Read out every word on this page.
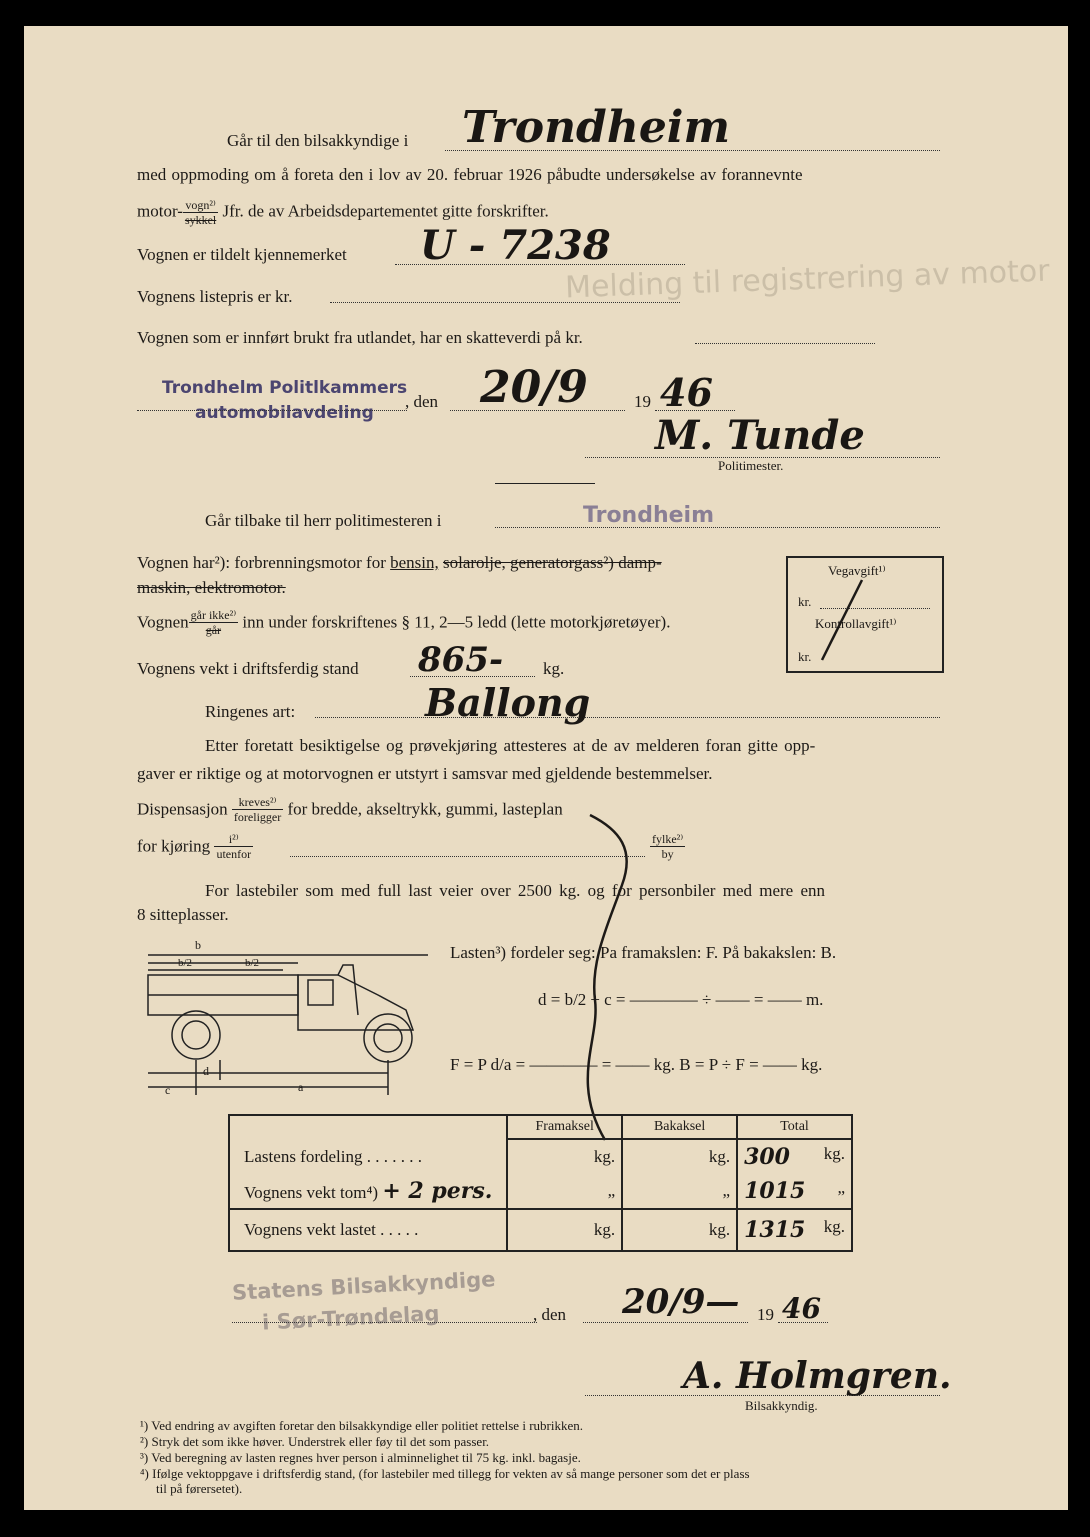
Melding til registrering av motor
Går til den bilsakkyndige i Trondheim
med oppmoding om å foreta den i lov av 20. februar 1926 påbudte undersøkelse av forannevnte
motor- $\frac{\text{vogn²⁾}}{\text{sykkel}}$ Jfr. de av Arbeidsdepartementet gitte forskrifter.
Vognen er tildelt kjennemerket U - 7238
Vognens listepris er kr.
Vognen som er innført brukt fra utlandet, har en skatteverdi på kr.
Trondhelm Politlkammers
automobilavdeling
, den 20/9	19 46
M. Tunde
Politimester.
Går tilbake til herr politimesteren i	Trondheim
Vognen har²): forbrenningsmotor for bensin, solarolje, generatorgass²) damp-
maskin, elektromotor.
Vognen $\frac{\text{går ikke²⁾}}{\text{går}}$ inn under forskriftenes § 11, 2—5 ledd (lette motorkjøretøyer).
Vognens vekt i driftsferdig stand 865- kg.
Ringenes art:	Ballong
Etter foretatt besiktigelse og prøvekjøring attesteres at de av melderen foran gitte opp-
gaver er riktige og at motorvognen er utstyrt i samsvar med gjeldende bestemmelser.
Dispensasjon $\frac{\text{kreves²⁾}}{\text{foreligger}}$ for bredde, akseltrykk, gummi, lasteplan
for kjøring $\frac{\text{i²⁾}}{\text{utenfor}}$	$\frac{\text{fylke²⁾}}{by}$
For lastebiler som med full last veier over 2500 kg. og for personbiler med mere enn
8 sitteplasser.
Lasten³) fordeler seg: Pa framakslen: F. På bakakslen: B.
d = b/2 ÷ c = ———— ÷ —— = —— m.
F = P d/a = ———— = —— kg. B = P ÷ F = —— kg.
b
b/2	b/2
c
d
a
Vegavgift¹⁾
kr.
Kontrollavgift¹⁾
kr.
	Framaksel	Bakaksel	Total
Lastens fordeling . . . . . . .	kg.	kg.	300 kg.
Vognens vekt tom⁴) + 2 pers.	„	„	1015 „
Vognens vekt lastet . . . . .	kg.	kg.	1315 kg.
Statens Bilsakkyndige
i Sør-Trøndelag	, den 20/9— 19 46
A. Holmgren.
Bilsakkyndig.
¹) Ved endring av avgiften foretar den bilsakkyndige eller politiet rettelse i rubrikken.
²) Stryk det som ikke høver. Understrek eller føy til det som passer.
³) Ved beregning av lasten regnes hver person i alminnelighet til 75 kg. inkl. bagasje.
⁴) Ifølge vektoppgave i driftsferdig stand, (for lastebiler med tillegg for vekten av så mange personer som det er plass
til på førersetet).
